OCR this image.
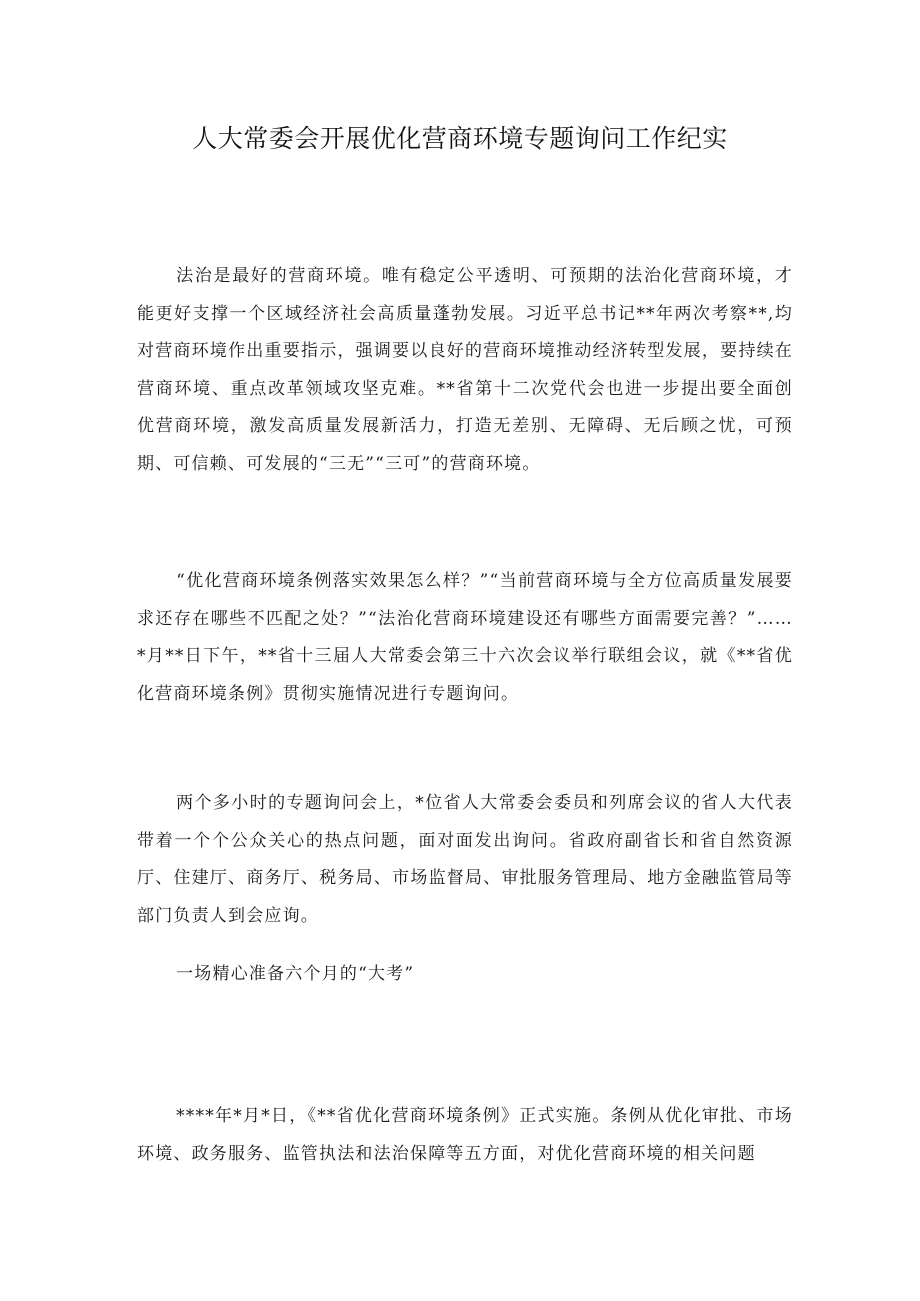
人大常委会开展优化营商环境专题询问工作纪实

法治是最好的营商环境。唯有稳定公平透明、可预期的法治化营商环境，才能更好支撑一个区域经济社会高质量蓬勃发展。习近平总书记**年两次考察**,均对营商环境作出重要指示，强调要以良好的营商环境推动经济转型发展，要持续在营商环境、重点改革领域攻坚克难。**省第十二次党代会也进一步提出要全面创优营商环境，激发高质量发展新活力，打造无差别、无障碍、无后顾之忧，可预期、可信赖、可发展的“三无”“三可”的营商环境。

“优化营商环境条例落实效果怎么样？”“当前营商环境与全方位高质量发展要求还存在哪些不匹配之处？”“法治化营商环境建设还有哪些方面需要完善？”……*月**日下午，**省十三届人大常委会第三十六次会议举行联组会议，就《**省优化营商环境条例》贯彻实施情况进行专题询问。

两个多小时的专题询问会上，*位省人大常委会委员和列席会议的省人大代表带着一个个公众关心的热点问题，面对面发出询问。省政府副省长和省自然资源厅、住建厅、商务厅、税务局、市场监督局、审批服务管理局、地方金融监管局等部门负责人到会应询。

一场精心准备六个月的“大考”

****年*月*日，《**省优化营商环境条例》正式实施。条例从优化审批、市场环境、政务服务、监管执法和法治保障等五方面，对优化营商环境的相关问题
